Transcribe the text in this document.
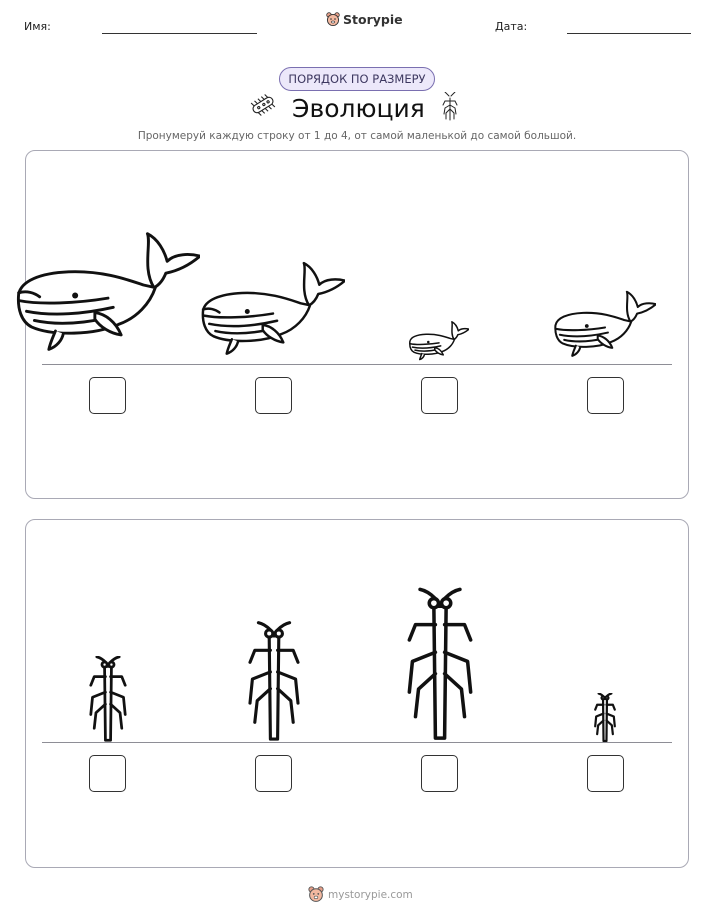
Имя:	Storypie	Дата:
ПОРЯДОК ПО РАЗМЕРУ
Эволюция
Пронумеруй каждую строку от 1 до 4, от самой маленькой до самой большой.
mystorypie.com
